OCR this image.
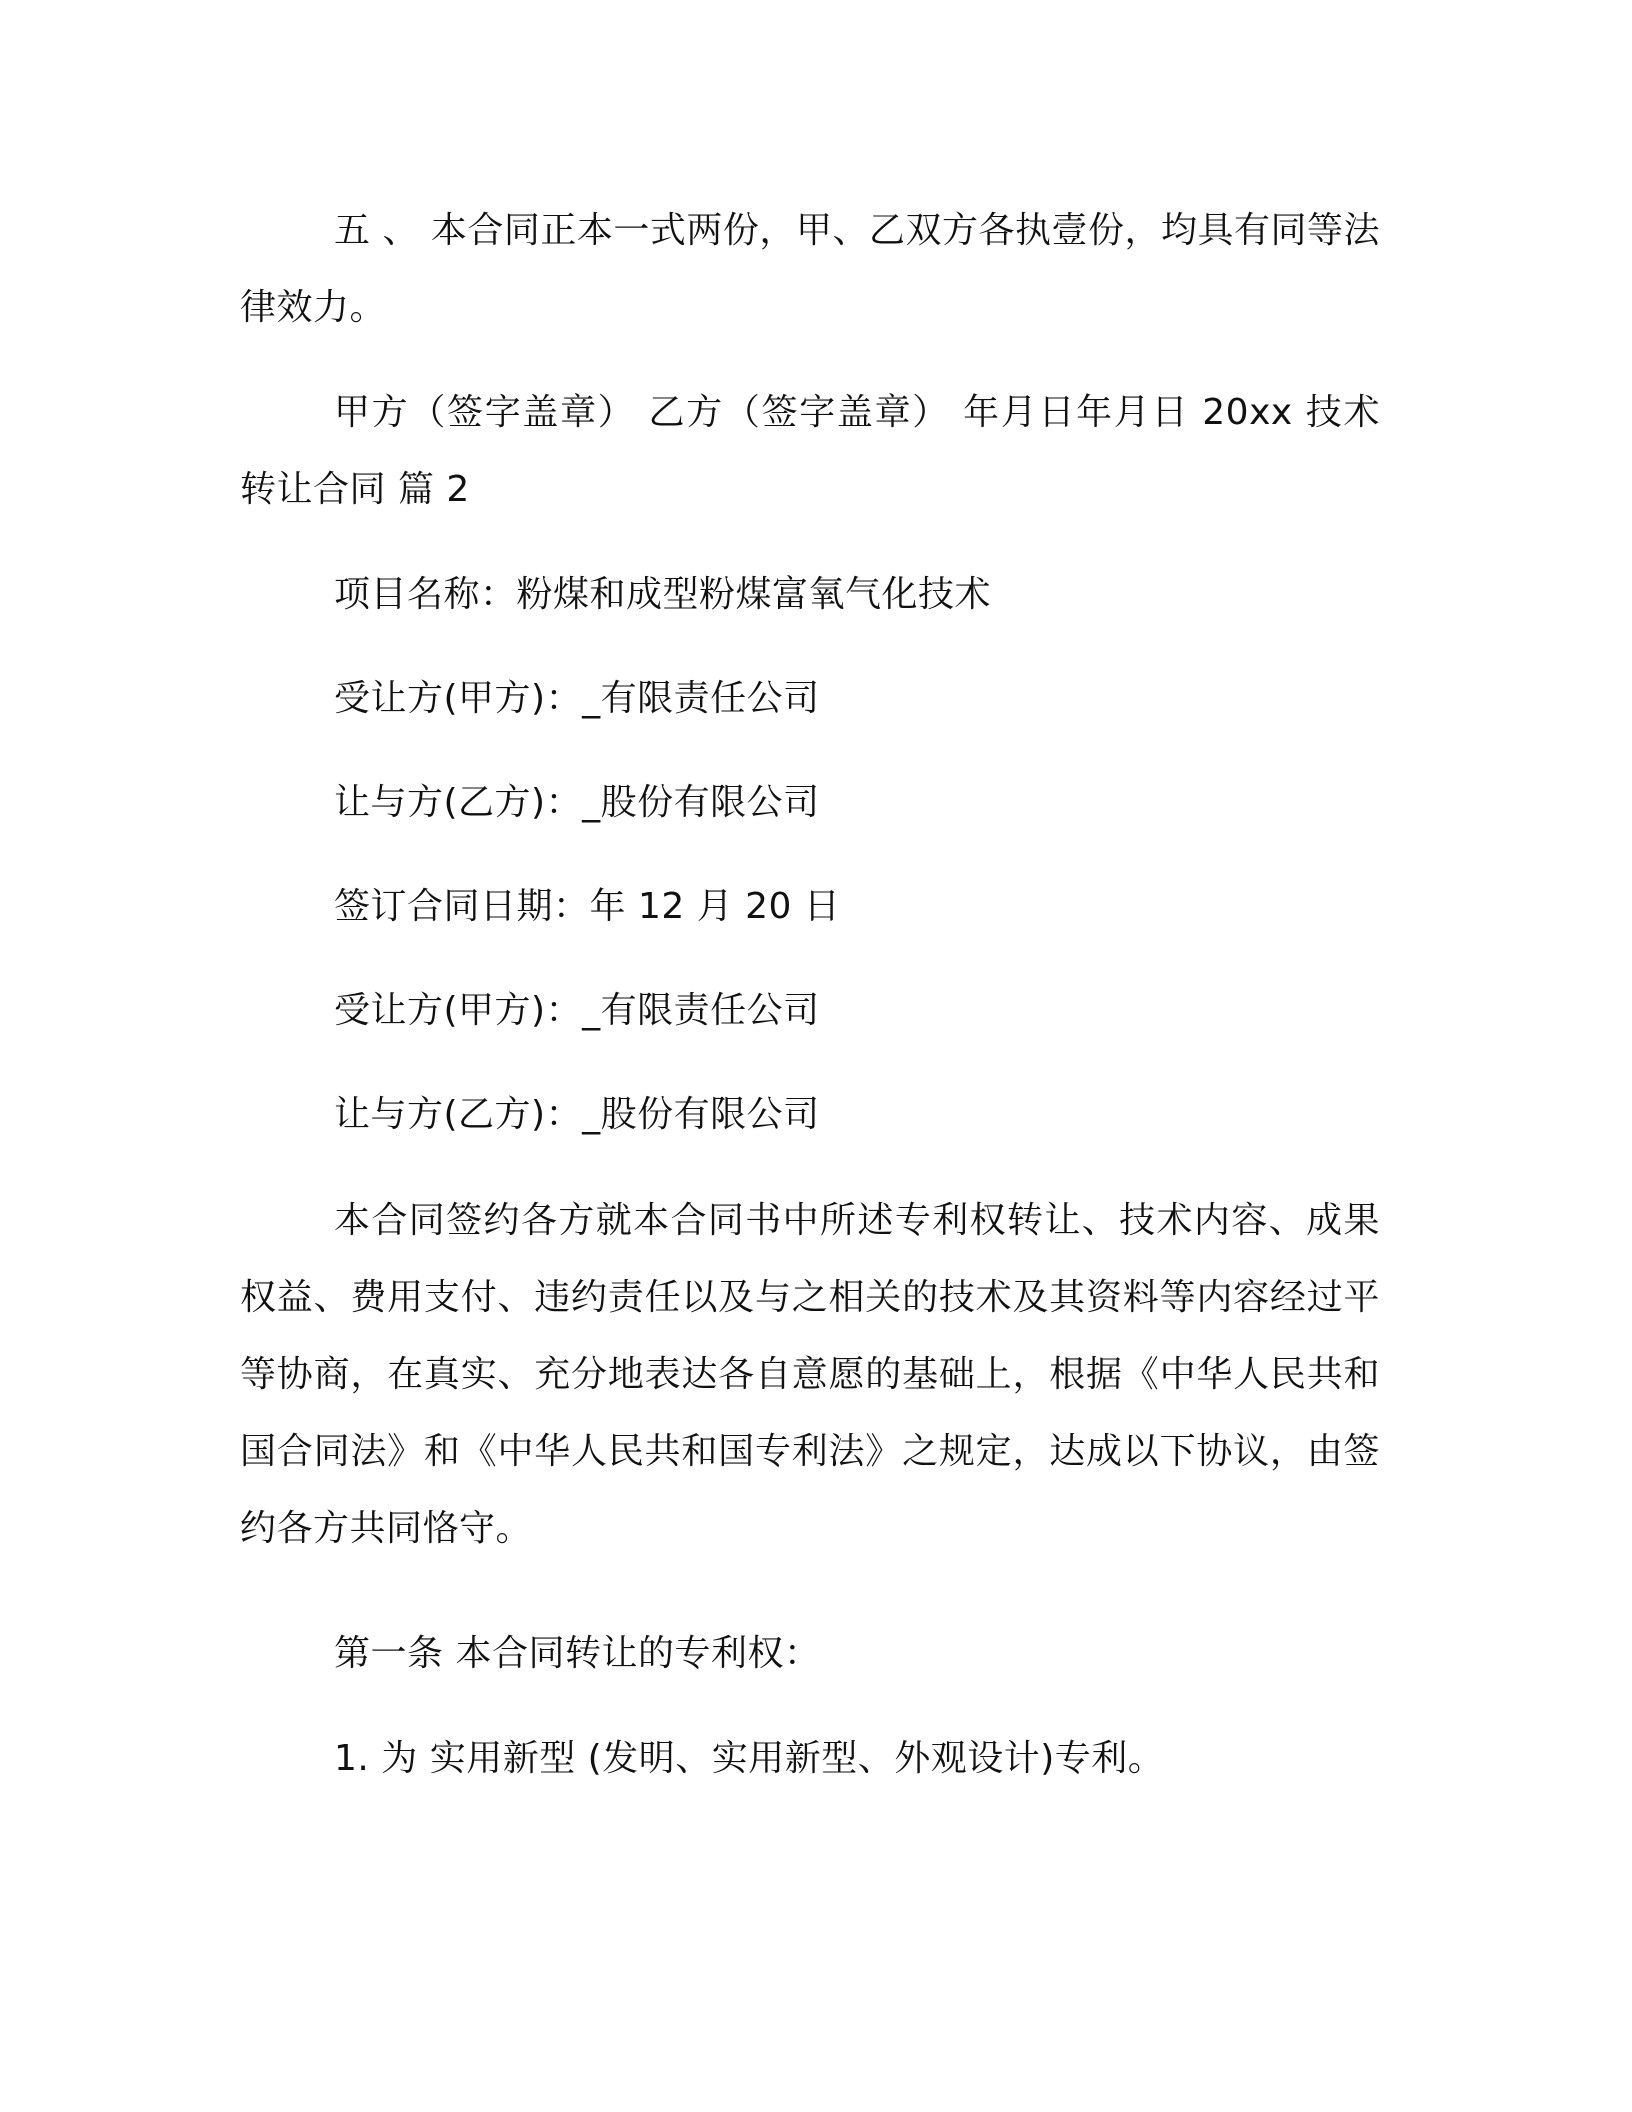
五 、 本合同正本一式两份，甲、乙双方各执壹份，均具有同等法律效力。

甲方（签字盖章） 乙方（签字盖章） 年月日年月日 20xx 技术转让合同 篇 2

项目名称：粉煤和成型粉煤富氧气化技术

受让方(甲方)：_有限责任公司

让与方(乙方)：_股份有限公司

签订合同日期：年 12 月 20 日

受让方(甲方)：_有限责任公司

让与方(乙方)：_股份有限公司

本合同签约各方就本合同书中所述专利权转让、技术内容、成果权益、费用支付、违约责任以及与之相关的技术及其资料等内容经过平等协商，在真实、充分地表达各自意愿的基础上，根据《中华人民共和国合同法》和《中华人民共和国专利法》之规定，达成以下协议，由签约各方共同恪守。

第一条 本合同转让的专利权：

1. 为 实用新型 (发明、实用新型、外观设计)专利。
